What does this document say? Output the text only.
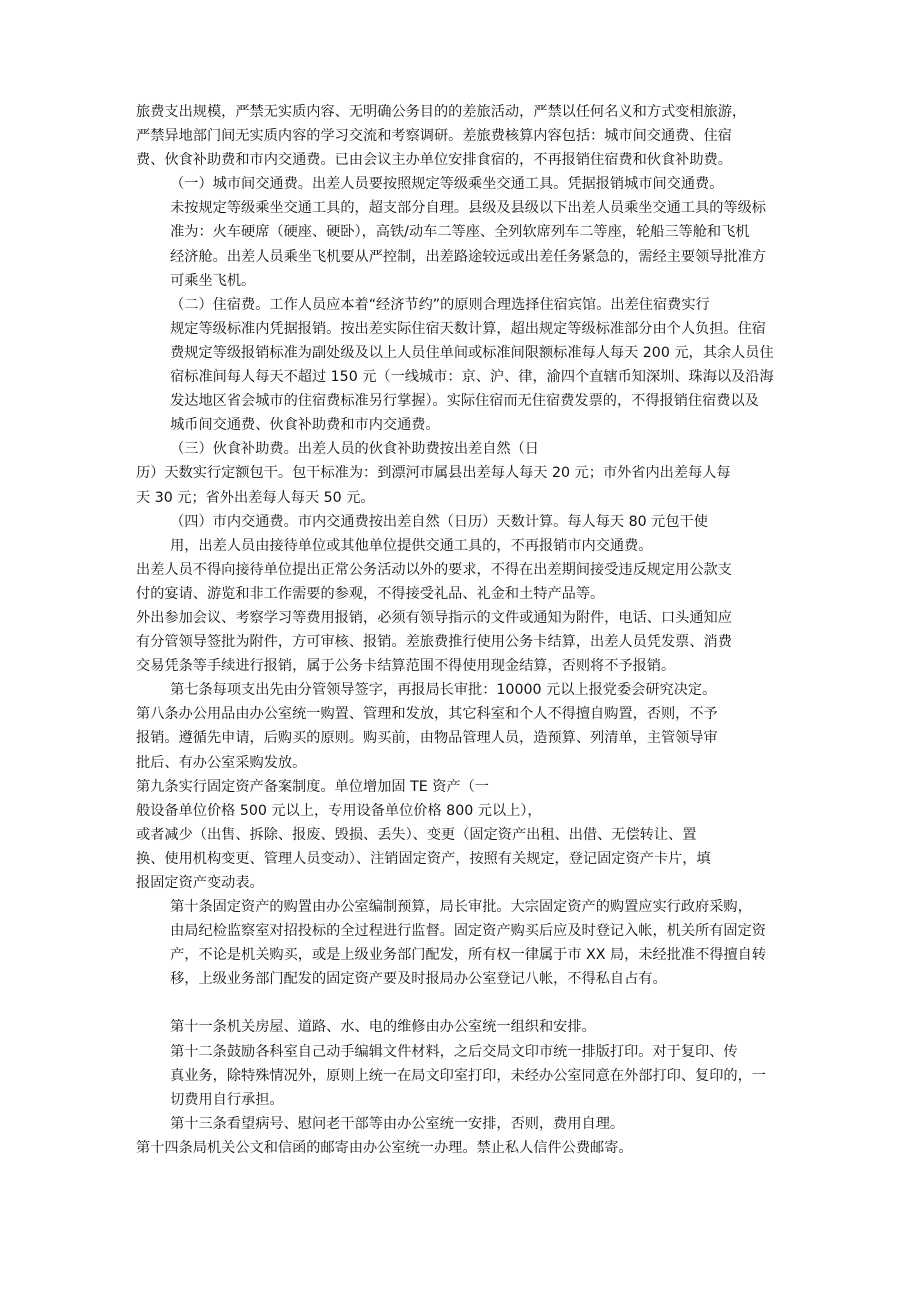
旅费支出规模，严禁无实质内容、无明确公务目的的差旅活动，严禁以任何名义和方式变相旅游，
严禁异地部门间无实质内容的学习交流和考察调研。差旅费核算内容包括：城市间交通费、住宿
费、伙食补助费和市内交通费。已由会议主办单位安排食宿的，不再报销住宿费和伙食补助费。

（一）城市间交通费。出差人员要按照规定等级乘坐交通工具。凭据报销城市间交通费。
未按规定等级乘坐交通工具的，超支部分自理。县级及县级以下出差人员乘坐交通工具的等级标
准为：火车硬席（硬座、硬卧），高铁/动车二等座、全列软席列车二等座，轮船三等舱和飞机
经济舱。出差人员乘坐飞机要从严控制，出差路途较远或出差任务紧急的，需经主要领导批准方
可乘坐飞机。

（二）住宿费。工作人员应本着“经济节约”的原则合理选择住宿宾馆。出差住宿费实行
规定等级标准内凭据报销。按出差实际住宿天数计算，超出规定等级标准部分由个人负担。住宿
费规定等级报销标准为副处级及以上人员住单间或标准间限额标准每人每天 200 元，其余人员住
宿标准间每人每天不超过 150 元（一线城市：京、沪、律，渝四个直辖币知深圳、珠海以及沿海
发达地区省会城市的住宿费标准另行掌握）。实际住宿而无住宿费发票的，不得报销住宿费以及
城币间交通费、伙食补助费和市内交通费。

（三）伙食补助费。出差人员的伙食补助费按出差自然（日

历）天数实行定额包干。包干标准为：到漂河市属县出差每人每天 20 元；市外省内出差每人每
天 30 元；省外出差每人每天 50 元。

（四）市内交通费。市内交通费按出差自然（日历）天数计算。每人每天 80 元包干使
用，出差人员由接待单位或其他单位提供交通工具的，不再报销市内交通费。

出差人员不得向接待单位提出正常公务活动以外的要求，不得在出差期间接受违反规定用公款支
付的宴请、游览和非工作需要的参观，不得接受礼品、礼金和土特产品等。

外出参加会议、考察学习等费用报销，必须有领导指示的文件或通知为附件，电话、口头通知应
有分管领导签批为附件，方可审核、报销。差旅费推行使用公务卡结算，出差人员凭发票、消费
交易凭条等手续进行报销，属于公务卡结算范围不得使用现金结算，否则将不予报销。

第七条每项支出先由分管领导签字，再报局长审批：10000 元以上报党委会研究决定。

第八条办公用品由办公室统一购置、管理和发放，其它科室和个人不得擅自购置，否则，不予
报销。遵循先申请，后购买的原则。购买前，由物品管理人员，造预算、列清单，主管领导审
批后、有办公室采购发放。

第九条实行固定资产备案制度。单位增加固 TE 资产（一
般设备单位价格 500 元以上，专用设备单位价格 800 元以上），
或者减少（出售、拆除、报废、毁损、丢失）、变更（固定资产出租、出借、无偿转让、置
换、使用机构变更、管理人员变动）、注销固定资产，按照有关规定，登记固定资产卡片，填
报固定资产变动表。

第十条固定资产的购置由办公室编制预算，局长审批。大宗固定资产的购置应实行政府采购，
由局纪检监察室对招投标的全过程进行监督。固定资产购买后应及时登记入帐，机关所有固定资
产，不论是机关购买，或是上级业务部门配发，所有权一律属于市 XX 局，未经批准不得擅自转
移，上级业务部门配发的固定资产要及时报局办公室登记八帐，不得私自占有。

第十一条机关房屋、道路、水、电的维修由办公室统一组织和安排。

第十二条鼓励各科室自己动手编辑文件材料，之后交局文印市统一排版打印。对于复印、传
真业务，除特殊情况外，原则上统一在局文印室打印，未经办公室同意在外部打印、复印的，一
切费用自行承担。

第十三条看望病号、慰问老干部等由办公室统一安排，否则，费用自理。

第十四条局机关公文和信函的邮寄由办公室统一办理。禁止私人信件公费邮寄。
